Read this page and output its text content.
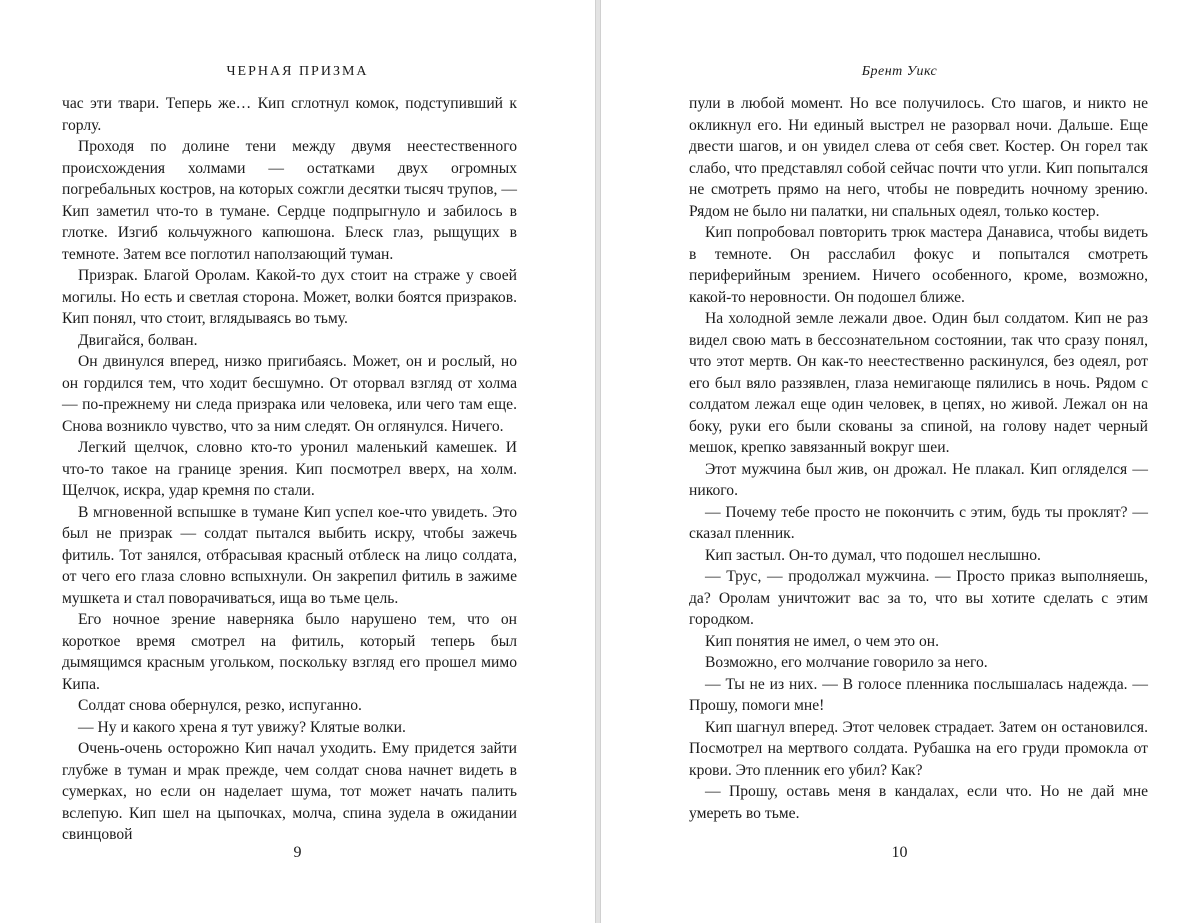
ЧЕРНАЯ ПРИЗМА

час эти твари. Теперь же… Кип сглотнул комок, подступивший к горлу.

Проходя по долине тени между двумя неестественного происхождения холмами — остатками двух огромных погребальных костров, на которых сожгли десятки тысяч трупов, — Кип заметил что-то в тумане. Сердце подпрыгнуло и забилось в глотке. Изгиб кольчужного капюшона. Блеск глаз, рыщущих в темноте. Затем все поглотил наползающий туман.

Призрак. Благой Оролам. Какой-то дух стоит на страже у своей могилы. Но есть и светлая сторона. Может, волки боятся призраков. Кип понял, что стоит, вглядываясь во тьму.

Двигайся, болван.

Он двинулся вперед, низко пригибаясь. Может, он и рослый, но он гордился тем, что ходит бесшумно. От оторвал взгляд от холма — по-прежнему ни следа призрака или человека, или чего там еще. Снова возникло чувство, что за ним следят. Он оглянулся. Ничего.

Легкий щелчок, словно кто-то уронил маленький камешек. И что-то такое на границе зрения. Кип посмотрел вверх, на холм. Щелчок, искра, удар кремня по стали.

В мгновенной вспышке в тумане Кип успел кое-что увидеть. Это был не призрак — солдат пытался выбить искру, чтобы зажечь фитиль. Тот занялся, отбрасывая красный отблеск на лицо солдата, от чего его глаза словно вспыхнули. Он закрепил фитиль в зажиме мушкета и стал поворачиваться, ища во тьме цель.

Его ночное зрение наверняка было нарушено тем, что он короткое время смотрел на фитиль, который теперь был дымящимся красным угольком, поскольку взгляд его прошел мимо Кипа.

Солдат снова обернулся, резко, испуганно.

— Ну и какого хрена я тут увижу? Клятые волки.

Очень-очень осторожно Кип начал уходить. Ему придется зайти глубже в туман и мрак прежде, чем солдат снова начнет видеть в сумерках, но если он наделает шума, тот может начать палить вслепую. Кип шел на цыпочках, молча, спина зудела в ожидании свинцовой

9
Брент Уикс

пули в любой момент. Но все получилось. Сто шагов, и никто не окликнул его. Ни единый выстрел не разорвал ночи. Дальше. Еще двести шагов, и он увидел слева от себя свет. Костер. Он горел так слабо, что представлял собой сейчас почти что угли. Кип попытался не смотреть прямо на него, чтобы не повредить ночному зрению. Рядом не было ни палатки, ни спальных одеял, только костер.

Кип попробовал повторить трюк мастера Данависа, чтобы видеть в темноте. Он расслабил фокус и попытался смотреть периферийным зрением. Ничего особенного, кроме, возможно, какой-то неровности. Он подошел ближе.

На холодной земле лежали двое. Один был солдатом. Кип не раз видел свою мать в бессознательном состоянии, так что сразу понял, что этот мертв. Он как-то неестественно раскинулся, без одеял, рот его был вяло раззявлен, глаза немигающе пялились в ночь. Рядом с солдатом лежал еще один человек, в цепях, но живой. Лежал он на боку, руки его были скованы за спиной, на голову надет черный мешок, крепко завязанный вокруг шеи.

Этот мужчина был жив, он дрожал. Не плакал. Кип огляделся — никого.

— Почему тебе просто не покончить с этим, будь ты проклят? — сказал пленник.

Кип застыл. Он-то думал, что подошел неслышно.

— Трус, — продолжал мужчина. — Просто приказ выполняешь, да? Оролам уничтожит вас за то, что вы хотите сделать с этим городком.

Кип понятия не имел, о чем это он.

Возможно, его молчание говорило за него.

— Ты не из них. — В голосе пленника послышалась надежда. — Прошу, помоги мне!

Кип шагнул вперед. Этот человек страдает. Затем он остановился. Посмотрел на мертвого солдата. Рубашка на его груди промокла от крови. Это пленник его убил? Как?

— Прошу, оставь меня в кандалах, если что. Но не дай мне умереть во тьме.

10
